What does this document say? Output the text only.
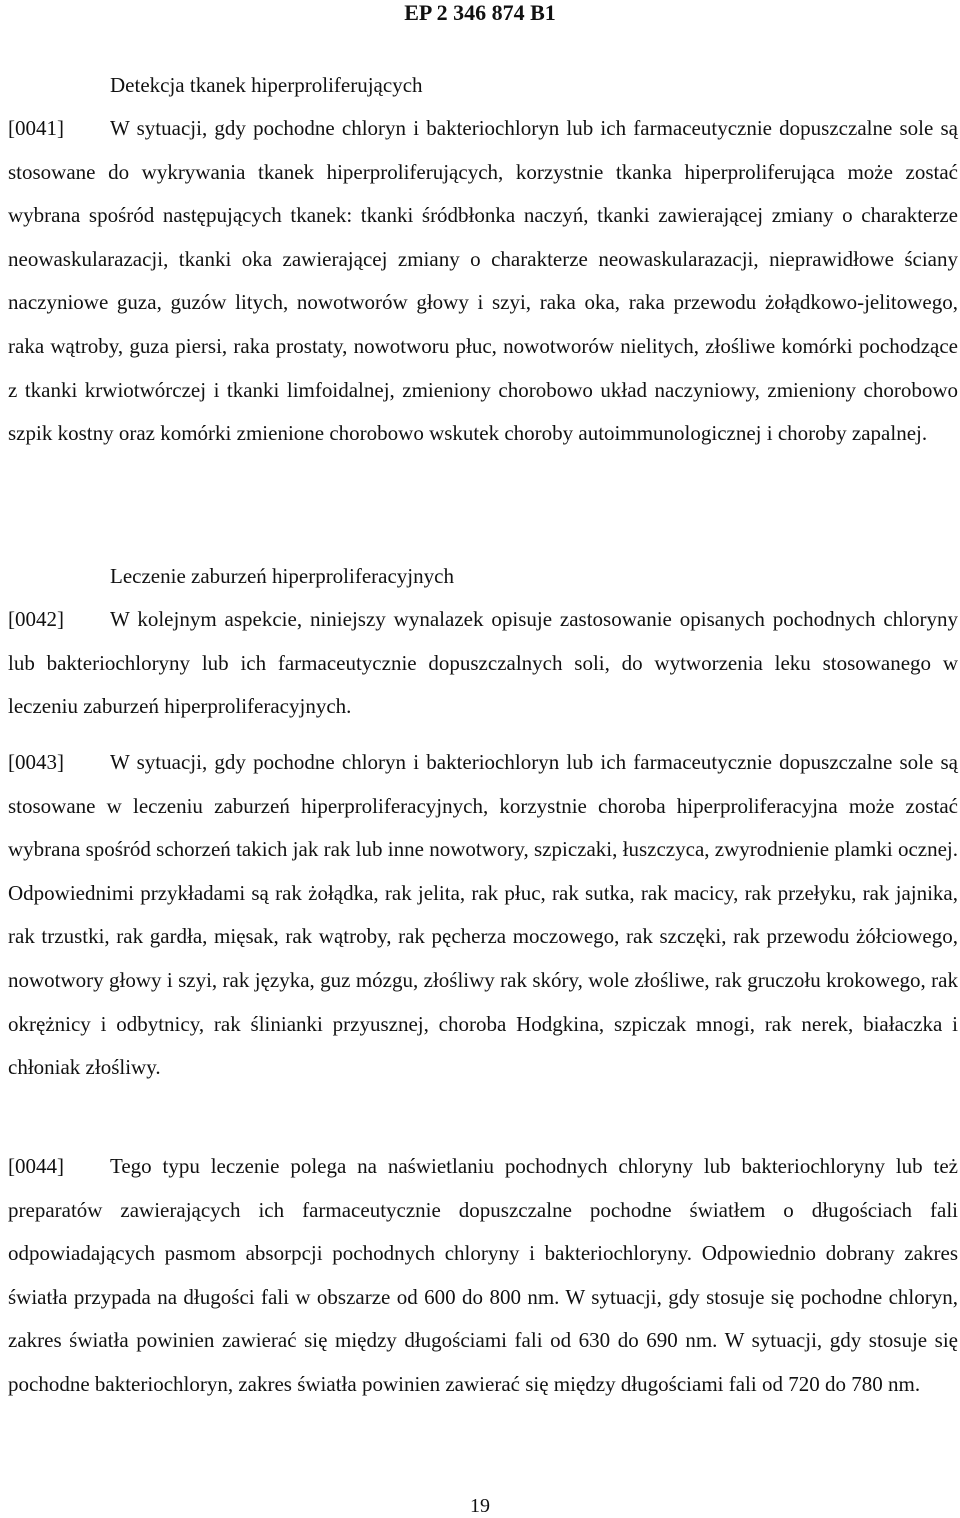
EP 2 346 874 B1
Detekcja tkanek hiperproliferujących
[0041] W sytuacji, gdy pochodne chloryn i bakteriochloryn lub ich farmaceutycznie dopuszczalne sole są stosowane do wykrywania tkanek hiperproliferujących, korzystnie tkanka hiperproliferująca może zostać wybrana spośród następujących tkanek: tkanki śródbłonka naczyń, tkanki zawierającej zmiany o charakterze neowaskularazacji, tkanki oka zawierającej zmiany o charakterze neowaskularazacji, nieprawidłowe ściany naczyniowe guza, guzów litych, nowotworów głowy i szyi, raka oka, raka przewodu żołądkowo-jelitowego, raka wątroby, guza piersi, raka prostaty, nowotworu płuc, nowotworów nielitych, złośliwe komórki pochodzące z tkanki krwiotwórczej i tkanki limfoidalnej, zmieniony chorobowo układ naczyniowy, zmieniony chorobowo szpik kostny oraz komórki zmienione chorobowo wskutek choroby autoimmunologicznej i choroby zapalnej.
Leczenie zaburzeń hiperproliferacyjnych
[0042] W kolejnym aspekcie, niniejszy wynalazek opisuje zastosowanie opisanych pochodnych chloryny lub bakteriochloryny lub ich farmaceutycznie dopuszczalnych soli, do wytworzenia leku stosowanego w leczeniu zaburzeń hiperproliferacyjnych.
[0043] W sytuacji, gdy pochodne chloryn i bakteriochloryn lub ich farmaceutycznie dopuszczalne sole są stosowane w leczeniu zaburzeń hiperproliferacyjnych, korzystnie choroba hiperproliferacyjna może zostać wybrana spośród schorzeń takich jak rak lub inne nowotwory, szpiczaki, łuszczyca, zwyrodnienie plamki ocznej. Odpowiednimi przykładami są rak żołądka, rak jelita, rak płuc, rak sutka, rak macicy, rak przełyku, rak jajnika, rak trzustki, rak gardła, mięsak, rak wątroby, rak pęcherza moczowego, rak szczęki, rak przewodu żółciowego, nowotwory głowy i szyi, rak języka, guz mózgu, złośliwy rak skóry, wole złośliwe, rak gruczołu krokowego, rak okrężnicy i odbytnicy, rak ślinianki przyusznej, choroba Hodgkina, szpiczak mnogi, rak nerek, białaczka i chłoniak złośliwy.
[0044] Tego typu leczenie polega na naświetlaniu pochodnych chloryny lub bakteriochloryny lub też preparatów zawierających ich farmaceutycznie dopuszczalne pochodne światłem o długościach fali odpowiadających pasmom absorpcji pochodnych chloryny i bakteriochloryny. Odpowiednio dobrany zakres światła przypada na długości fali w obszarze od 600 do 800 nm. W sytuacji, gdy stosuje się pochodne chloryn, zakres światła powinien zawierać się między długościami fali od 630 do 690 nm. W sytuacji, gdy stosuje się pochodne bakteriochloryn, zakres światła powinien zawierać się między długościami fali od 720 do 780 nm.
19
